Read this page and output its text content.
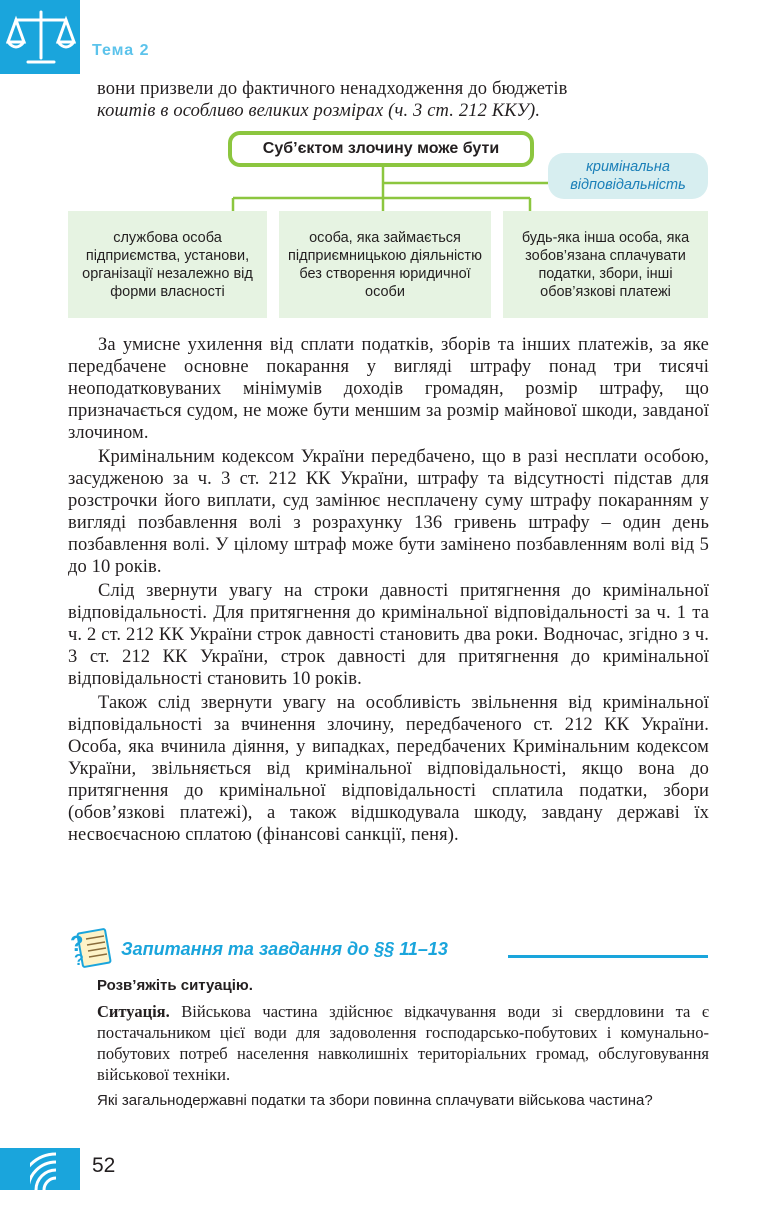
Тема 2
вони призвели до фактичного ненадходження до бюджетів
коштів в особливо великих розмірах (ч. 3 ст. 212 ККУ).
Суб’єктом злочину може бути
кримінальна відповідальність
службова особа підприємства, установи, організації незалежно від форми власності
особа, яка займається підприємницькою діяльністю без створення юридичної особи
будь-яка інша особа, яка зобов’язана сплачувати податки, збори, інші обов’язкові платежі

За умисне ухилення від сплати податків, зборів та інших платежів, за яке передбачене основне покарання у вигляді штрафу понад три тисячі неоподатковуваних мінімумів доходів громадян, розмір штрафу, що призначається судом, не може бути меншим за розмір майнової шкоди, завданої злочином.

Кримінальним кодексом України передбачено, що в разі несплати особою, засудженою за ч. 3 ст. 212 КК України, штрафу та відсутності підстав для розстрочки його виплати, суд замінює несплачену суму штрафу покаранням у вигляді позбавлення волі з розрахунку 136 гривень штрафу – один день позбавлення волі. У цілому штраф може бути замінено позбавленням волі від 5 до 10 років.

Слід звернути увагу на строки давності притягнення до кримінальної відповідальності. Для притягнення до кримінальної відповідальності за ч. 1 та ч. 2 ст. 212 КК України строк давності становить два роки. Водночас, згідно з ч. 3 ст. 212 КК України, строк давності для притягнення до кримінальної відповідальності становить 10 років.

Також слід звернути увагу на особливість звільнення від кримінальної відповідальності за вчинення злочину, передбаченого ст. 212 КК України. Особа, яка вчинила діяння, у випадках, передбачених Кримінальним кодексом України, звільняється від кримінальної відповідальності, якщо вона до притягнення до кримінальної відповідальності сплатила податки, збори (обов’язкові платежі), а також відшкодувала шкоду, завдану державі їх несвоєчасною сплатою (фінансові санкції, пеня).

?
?
Запитання та завдання до §§ 11–13
Розв’яжіть ситуацію.
Ситуація. Військова частина здійснює відкачування води зі свердловини та є постачальником цієї води для задоволення господарсько-побутових і комунально-побутових потреб населення навколишніх територіальних громад, обслуговування військової техніки.
Які загальнодержавні податки та збори повинна сплачувати військова частина?
52
